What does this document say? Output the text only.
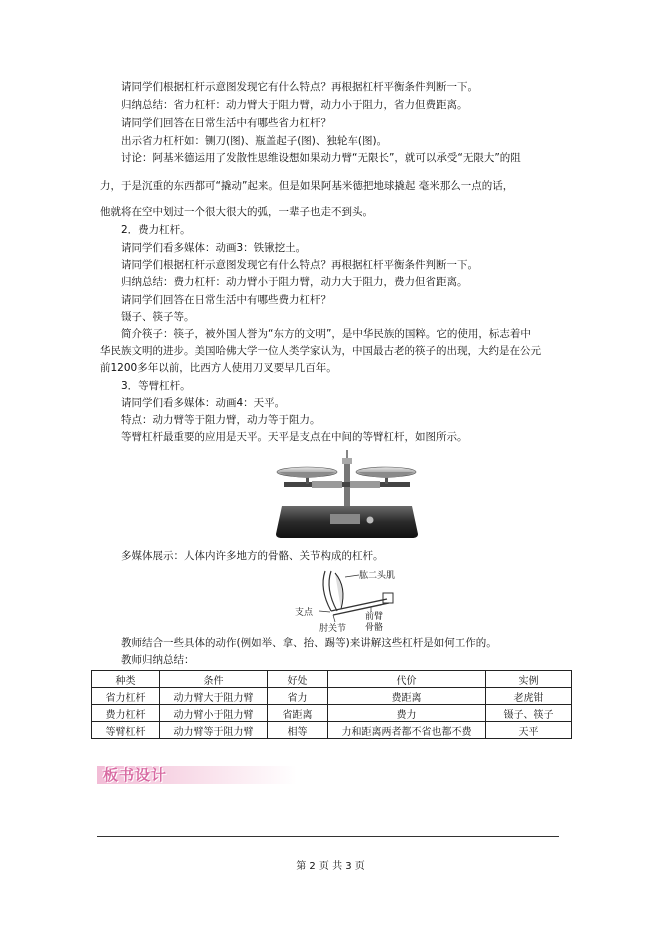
请同学们根据杠杆示意图发现它有什么特点？再根据杠杆平衡条件判断一下。
归纳总结：省力杠杆：动力臂大于阻力臂，动力小于阻力，省力但费距离。
请同学们回答在日常生活中有哪些省力杠杆？
出示省力杠杆如：铡刀(图)、瓶盖起子(图)、独轮车(图)。
讨论：阿基米德运用了发散性思维设想如果动力臂“无限长”，就可以承受“无限大”的阻
力，于是沉重的东西都可“撬动”起来。但是如果阿基米德把地球撬起 毫米那么一点的话，
他就将在空中划过一个很大很大的弧，一辈子也走不到头。
2．费力杠杆。
请同学们看多媒体：动画3：铁锹挖土。
请同学们根据杠杆示意图发现它有什么特点？再根据杠杆平衡条件判断一下。
归纳总结：费力杠杆：动力臂小于阻力臂，动力大于阻力，费力但省距离。
请同学们回答在日常生活中有哪些费力杠杆？
镊子、筷子等。
简介筷子：筷子，被外国人誉为“东方的文明”，是中华民族的国粹。它的使用，标志着中
华民族文明的进步。美国哈佛大学一位人类学家认为，中国最古老的筷子的出现，大约是在公元
前1200多年以前，比西方人使用刀叉要早几百年。
3．等臂杠杆。
请同学们看多媒体：动画4：天平。
特点：动力臂等于阻力臂，动力等于阻力。
等臂杠杆最重要的应用是天平。天平是支点在中间的等臂杠杆，如图所示。
多媒体展示：人体内许多地方的骨骼、关节构成的杠杆。
肱二头肌
支点
肘关节
前臂
骨骼
教师结合一些具体的动作(例如举、拿、抬、踢等)来讲解这些杠杆是如何工作的。
教师归纳总结：
种类	条件	好处	代价	实例
省力杠杆	动力臂大于阻力臂	省力	费距离	老虎钳
费力杠杆	动力臂小于阻力臂	省距离	费力	镊子、筷子
等臂杠杆	动力臂等于阻力臂	相等	力和距离两者都不省也都不费	天平
板书设计
第 2 页 共 3 页
